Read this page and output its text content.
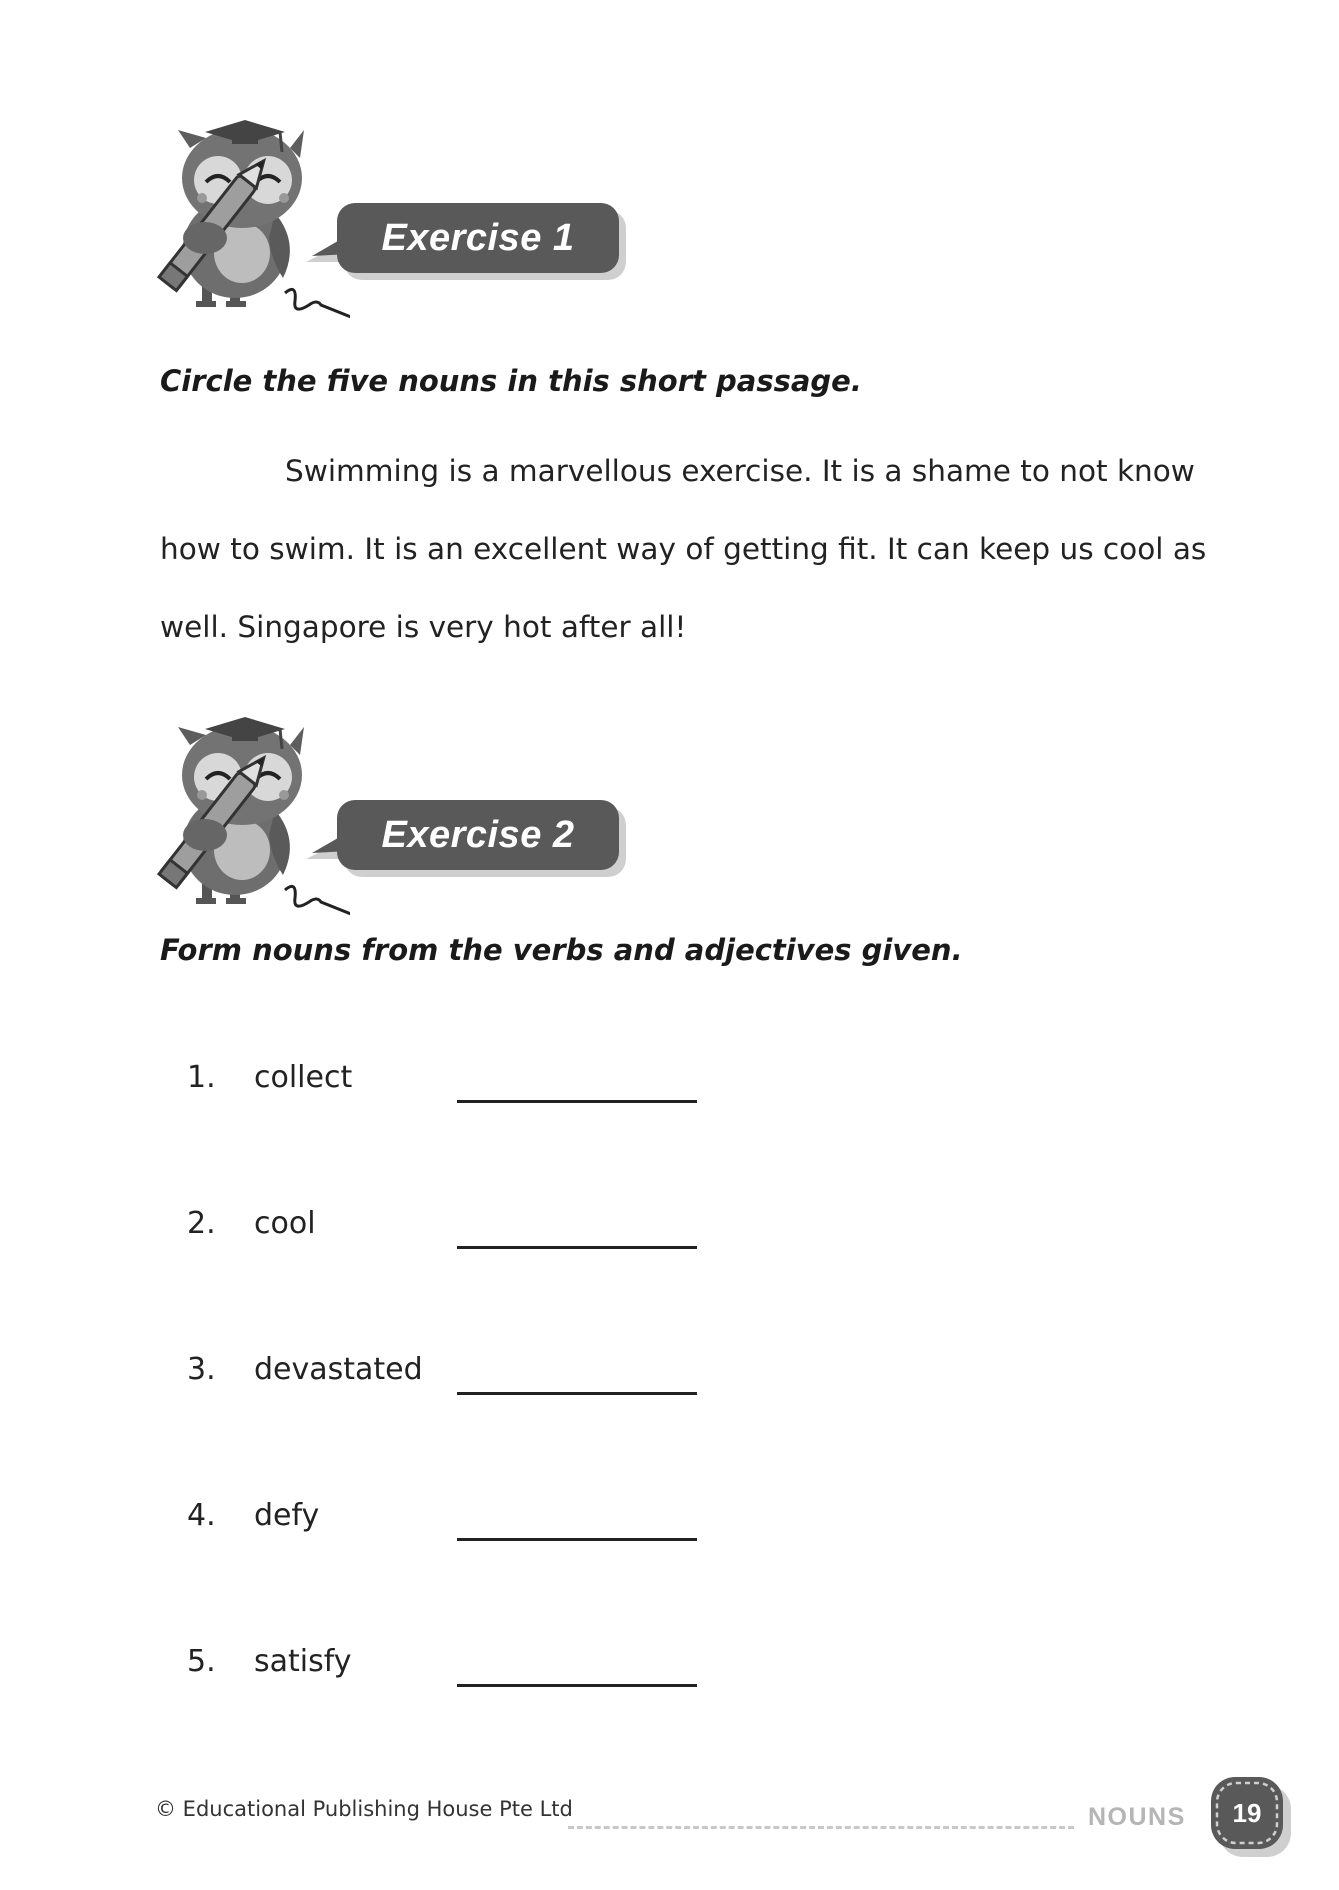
Exercise 1
Circle the five nouns in this short passage.

Swimming is a marvellous exercise. It is a shame to not know how to swim. It is an excellent way of getting fit. It can keep us cool as well. Singapore is very hot after all!

Exercise 2
Form nouns from the verbs and adjectives given.
1. collect
2. cool
3. devastated
4. defy
5. satisfy
© Educational Publishing House Pte Ltd	NOUNS	19
